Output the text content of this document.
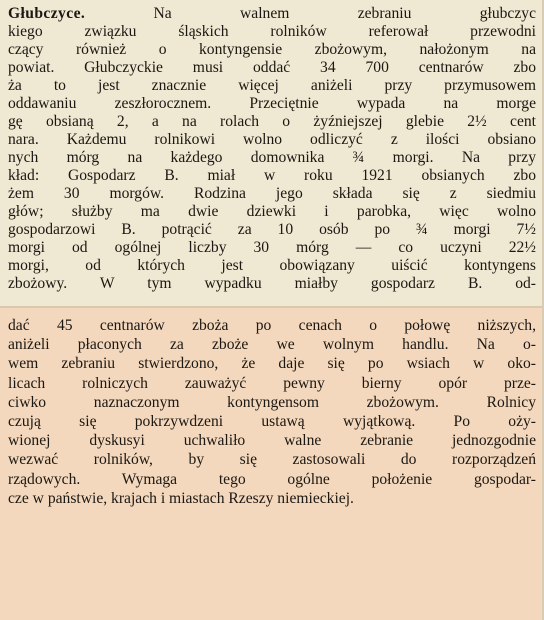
Głubczyce. Na walnem zebraniu głubczyc
kiego związku śląskich rolników referował przewodni
czący również o kontyngensie zbożowym, nałożonym na
powiat. Głubczyckie musi oddać 34 700 centnarów zbo
ża to jest znacznie więcej aniżeli przy przymusowem
oddawaniu zeszłorocznem. Przeciętnie wypada na morge
gę obsianą 2, a na rolach o żyźniejszej glebie 2½ cent
nara. Każdemu rolnikowi wolno odliczyć z ilości obsiano
nych mórg na każdego domownika ¾ morgi. Na przy
kład: Gospodarz B. miał w roku 1921 obsianych zbo
żem 30 morgów. Rodzina jego składa się z siedmiu
głów; służby ma dwie dziewki i parobka, więc wolno
gospodarzowi B. potrącić za 10 osób po ¾ morgi 7½
morgi od ogólnej liczby 30 mórg — co uczyni 22½
morgi, od których jest obowiązany uiścić kontyngens
zbożowy. W tym wypadku miałby gospodarz B. od-
dać 45 centnarów zboża po cenach o połowę niższych,
aniżeli płaconych za zboże we wolnym handlu. Na o-
wem zebraniu stwierdzono, że daje się po wsiach w oko-
licach rolniczych zauważyć pewny bierny opór prze-
ciwko naznaczonym kontyngensom zbożowym. Rolnicy
czują się pokrzywdzeni ustawą wyjątkową. Po oży-
wionej dyskusyi uchwaliło walne zebranie jednozgodnie
wezwać rolników, by się zastosowali do rozporządzeń
rządowych. Wymaga tego ogólne położenie gospodar-
cze w państwie, krajach i miastach Rzeszy niemieckiej.
